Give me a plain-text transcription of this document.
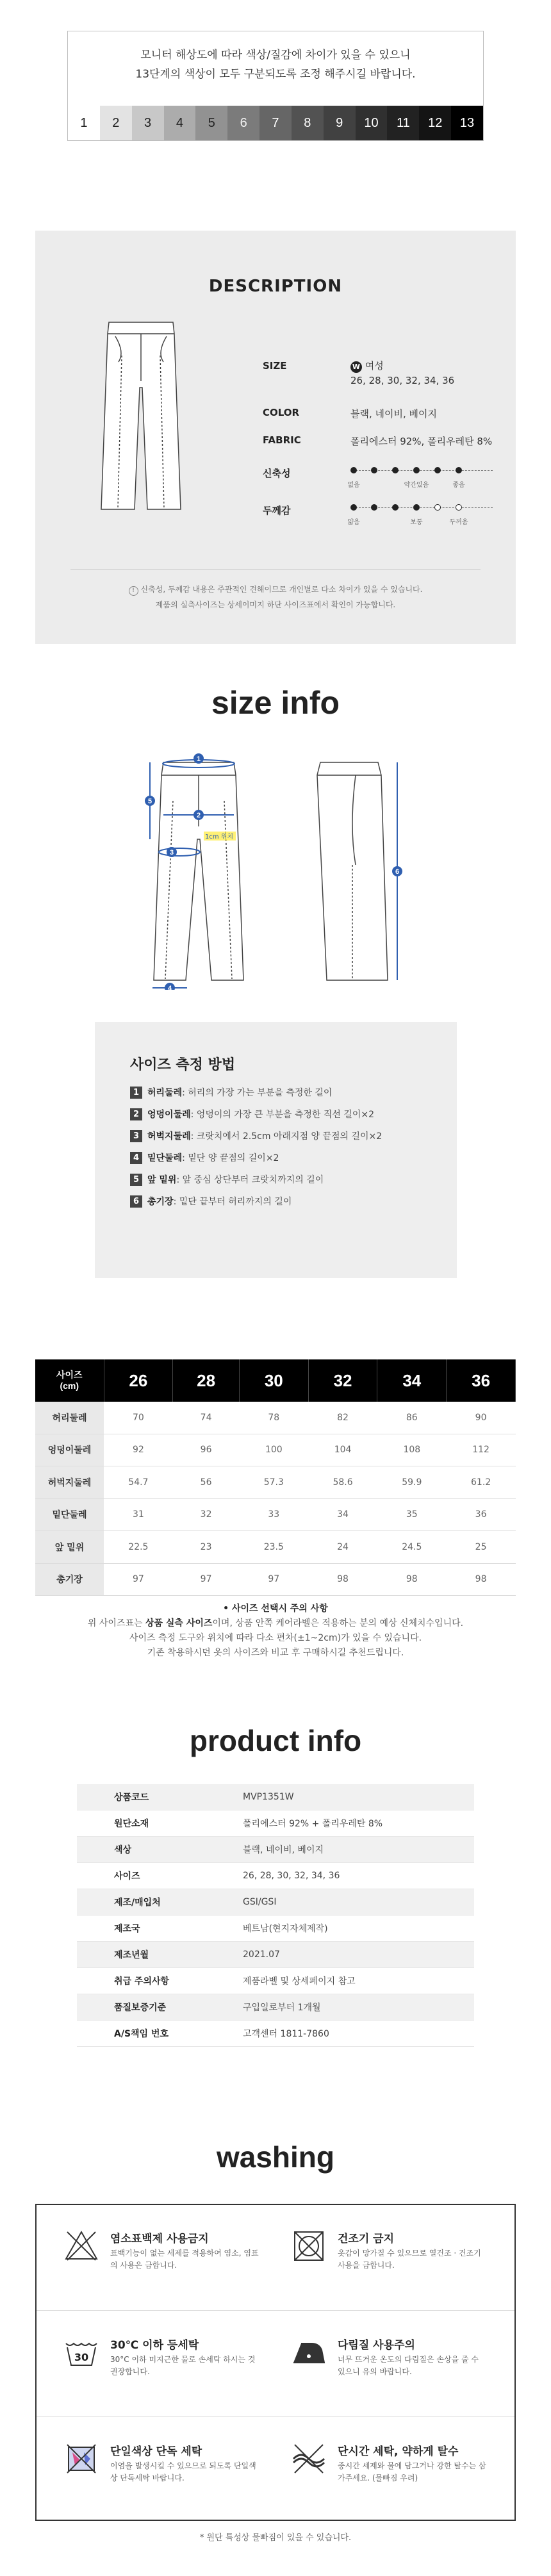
모니터 해상도에 따라 색상/질감에 차이가 있을 수 있으니
13단계의 색상이 모두 구분되도록 조정 해주시길 바랍니다.
1	2	3	4	5	6	7	8	9	10	11	12	13
DESCRIPTION
SIZE	W 여성
26, 28, 30, 32, 34, 36
COLOR	블랙, 네이비, 베이지
FABRIC	폴리에스터 92%, 폴리우레탄 8%
신축성
없음	약간있음	좋음
두께감
얇음	보통	두꺼움
! 신축성, 두께감 내용은 주관적인 견해이므로 개인별로 다소 차이가 있을 수 있습니다.
제품의 실측사이즈는 상세이미지 하단 사이즈표에서 확인이 가능합니다.
size info
1
2
3
4
5
6
1cm 위치
사이즈 측정 방법
1 허리둘레 : 허리의 가장 가는 부분을 측정한 길이
2 엉덩이둘레 : 엉덩이의 가장 큰 부분을 측정한 직선 길이×2
3 허벅지둘레 : 크랏치에서 2.5cm 아래지점 양 끝점의 길이×2
4 밑단둘레 : 밑단 양 끝점의 길이×2
5 앞 밑위 : 앞 중심 상단부터 크랏치까지의 길이
6 총기장 : 밑단 끝부터 허리까지의 길이
사이즈
(cm)	26	28	30	32	34	36
허리둘레	70	74	78	82	86	90
엉덩이둘레	92	96	100	104	108	112
허벅지둘레	54.7	56	57.3	58.6	59.9	61.2
밑단둘레	31	32	33	34	35	36
앞 밑위	22.5	23	23.5	24	24.5	25
총기장	97	97	97	98	98	98
• 사이즈 선택시 주의 사항
위 사이즈표는 상품 실측 사이즈이며, 상품 안쪽 케어라벨은 적용하는 분의 예상 신체치수입니다.
사이즈 측정 도구와 위치에 따라 다소 편차(±1~2cm)가 있을 수 있습니다.
기존 착용하시던 옷의 사이즈와 비교 후 구매하시길 추천드립니다.
product info
상품코드	MVP1351W
원단소재	폴리에스터 92% + 폴리우레탄 8%
색상	블랙, 네이비, 베이지
사이즈	26, 28, 30, 32, 34, 36
제조/매입처	GSI/GSI
제조국	베트남(현지자체제작)
제조년월	2021.07
취급 주의사항	제품라벨 및 상세페이지 참고
품질보증기준	구입일로부터 1개월
A/S책임 번호	고객센터 1811-7860
washing
염소표백제 사용금지
표백기능이 없는 세제를 적용하여 염소, 염표의 사용은 금합니다.
건조기 금지
옷감이 망가질 수 있으므로 열건조 · 건조기 사용을 금합니다.
30
30℃ 이하 등세탁
30°C 이하 미지근한 물로 손세탁 하시는 것 권장합니다.
다림질 사용주의
너무 뜨거운 온도의 다림질은 손상을 줄 수 있으니 유의 바랍니다.
단일색상 단독 세탁
이염을 발생시킬 수 있으므로 되도록 단일색상 단독세탁 바랍니다.
단시간 세탁, 약하게 탈수
중시간 세제와 물에 담그거나 강한 탈수는 삼가주세요. (물빠짐 우려)
* 원단 특성상 물빠짐이 있을 수 있습니다.
